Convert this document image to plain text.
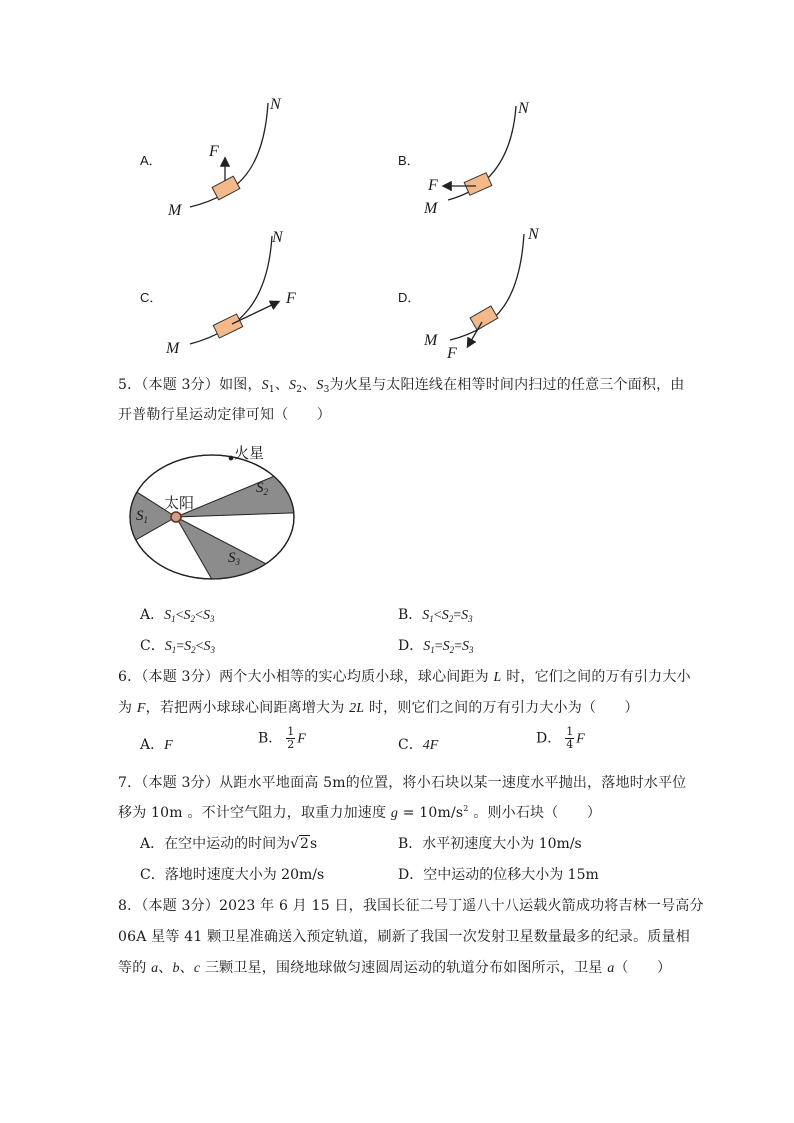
A．
F
M
N
B．
F
M
N
C．	F
M
N
D．
F
M
N
5．（本题 3分）如图，$S_1$、$S_2$、$S_3$为火星与太阳连线在相等时间内扫过的任意三个面积，由
开普勒行星运动定律可知（　　）
火星
太阳
$S_1$
$S_2$
$S_3$
A．$S_1<S_2<S_3$	B．$S_1<S_2=S_3$
C．$S_1=S_2<S_3$	D．$S_1=S_2=S_3$
6．（本题 3分）两个大小相等的实心均质小球，球心间距为 L 时，它们之间的万有引力大小
为 F，若把两小球球心间距离增大为 2L 时，则它们之间的万有引力大小为（　　）
A．F	B． $\frac{1}{2}$ F	C．4F	D． $\frac{1}{4}$ F
7．（本题 3分）从距水平地面高 5m的位置，将小石块以某一速度水平抛出，落地时水平位
移为 10m 。不计空气阻力，取重力加速度 $g = 10m/s^2$ 。则小石块（　　）
A．在空中运动的时间为√2s	B．水平初速度大小为 10m/s
C．落地时速度大小为 20m/s	D．空中运动的位移大小为 15m
8．（本题 3分）2023 年 6 月 15 日，我国长征二号丁遥八十八运载火箭成功将吉林一号高分
06A 星等 41 颗卫星准确送入预定轨道，刷新了我国一次发射卫星数量最多的纪录。质量相
等的 a、b、c 三颗卫星，围绕地球做匀速圆周运动的轨道分布如图所示，卫星 a（　　）
